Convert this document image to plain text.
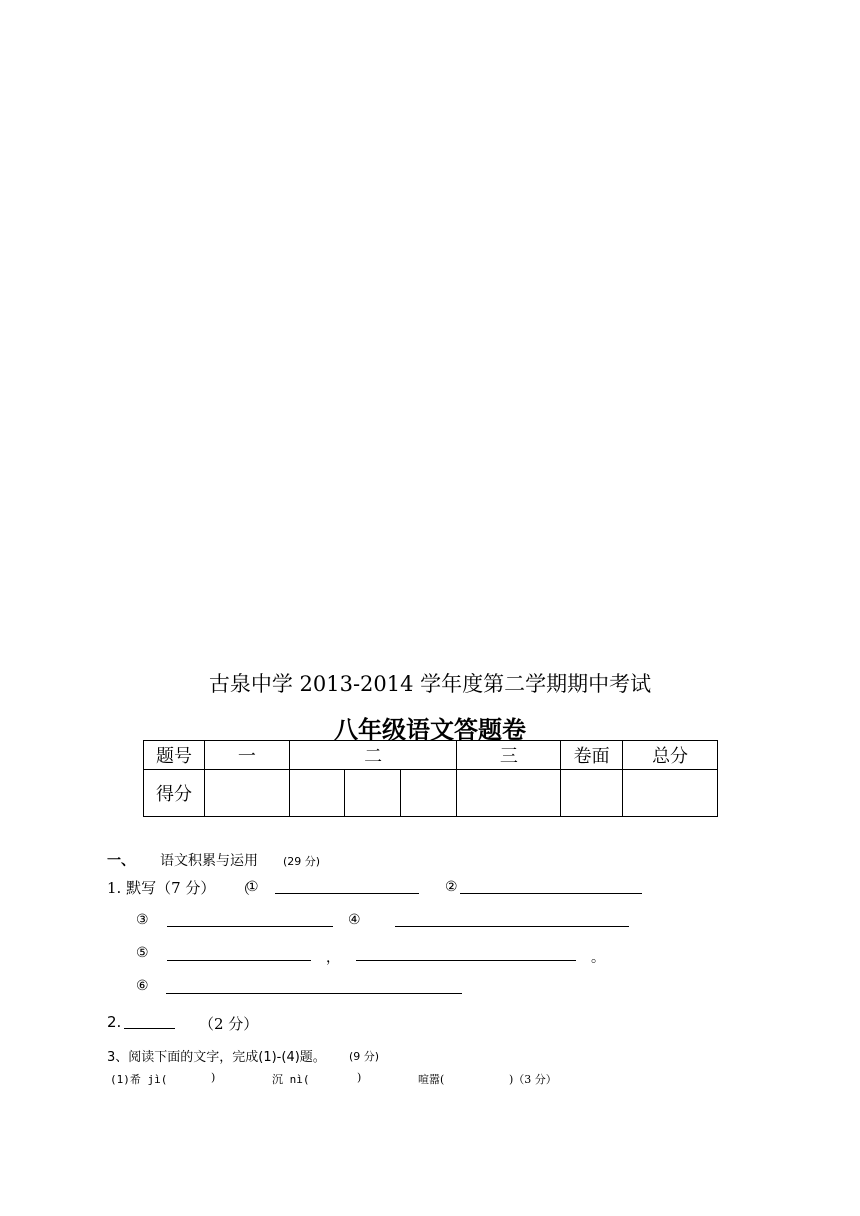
古泉中学 2013-2014 学年度第二学期期中考试
八年级语文答题卷
题号	一	二			三	卷面	总分
得分							
一、 语文积累与运用 (29 分)
1. 默写（7 分） （
①	②
③	④
⑤	，	。
⑥
2.	（2 分）
3、阅读下面的文字，完成(1)-(4)题。 (9 分)
(1)希 jì(	)	沉 nì(	)	喧嚣(	)（3 分）
